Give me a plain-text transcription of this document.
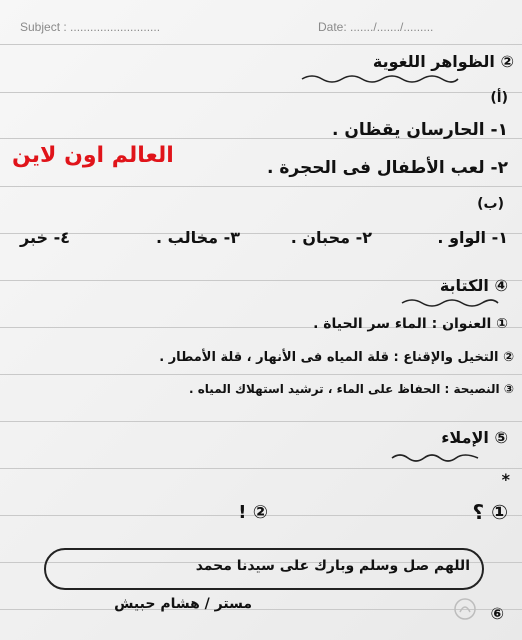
Subject : ...........................	Date: ......./......./.........
② الظواهر اللغوية
(أ)
١- الحارسان يقظان .
٢- لعب الأطفال فى الحجرة .
العالم اون لاين
(ب)
١- الواو .
٢- محبان .
٣- مخالب .
٤- خبر
④ الكتابة
① العنوان : الماء سر الحياة .
② التخيل والإقناع : قلة المياه فى الأنهار ، قلة الأمطار .
③ النصيحة : الحفاظ على الماء ، ترشيد استهلاك المياه .
⑤ الإملاء
*
① ؟
② !
اللهم صل وسلم وبارك على سيدنا محمد
مستر / هشام حبيش	⑥
